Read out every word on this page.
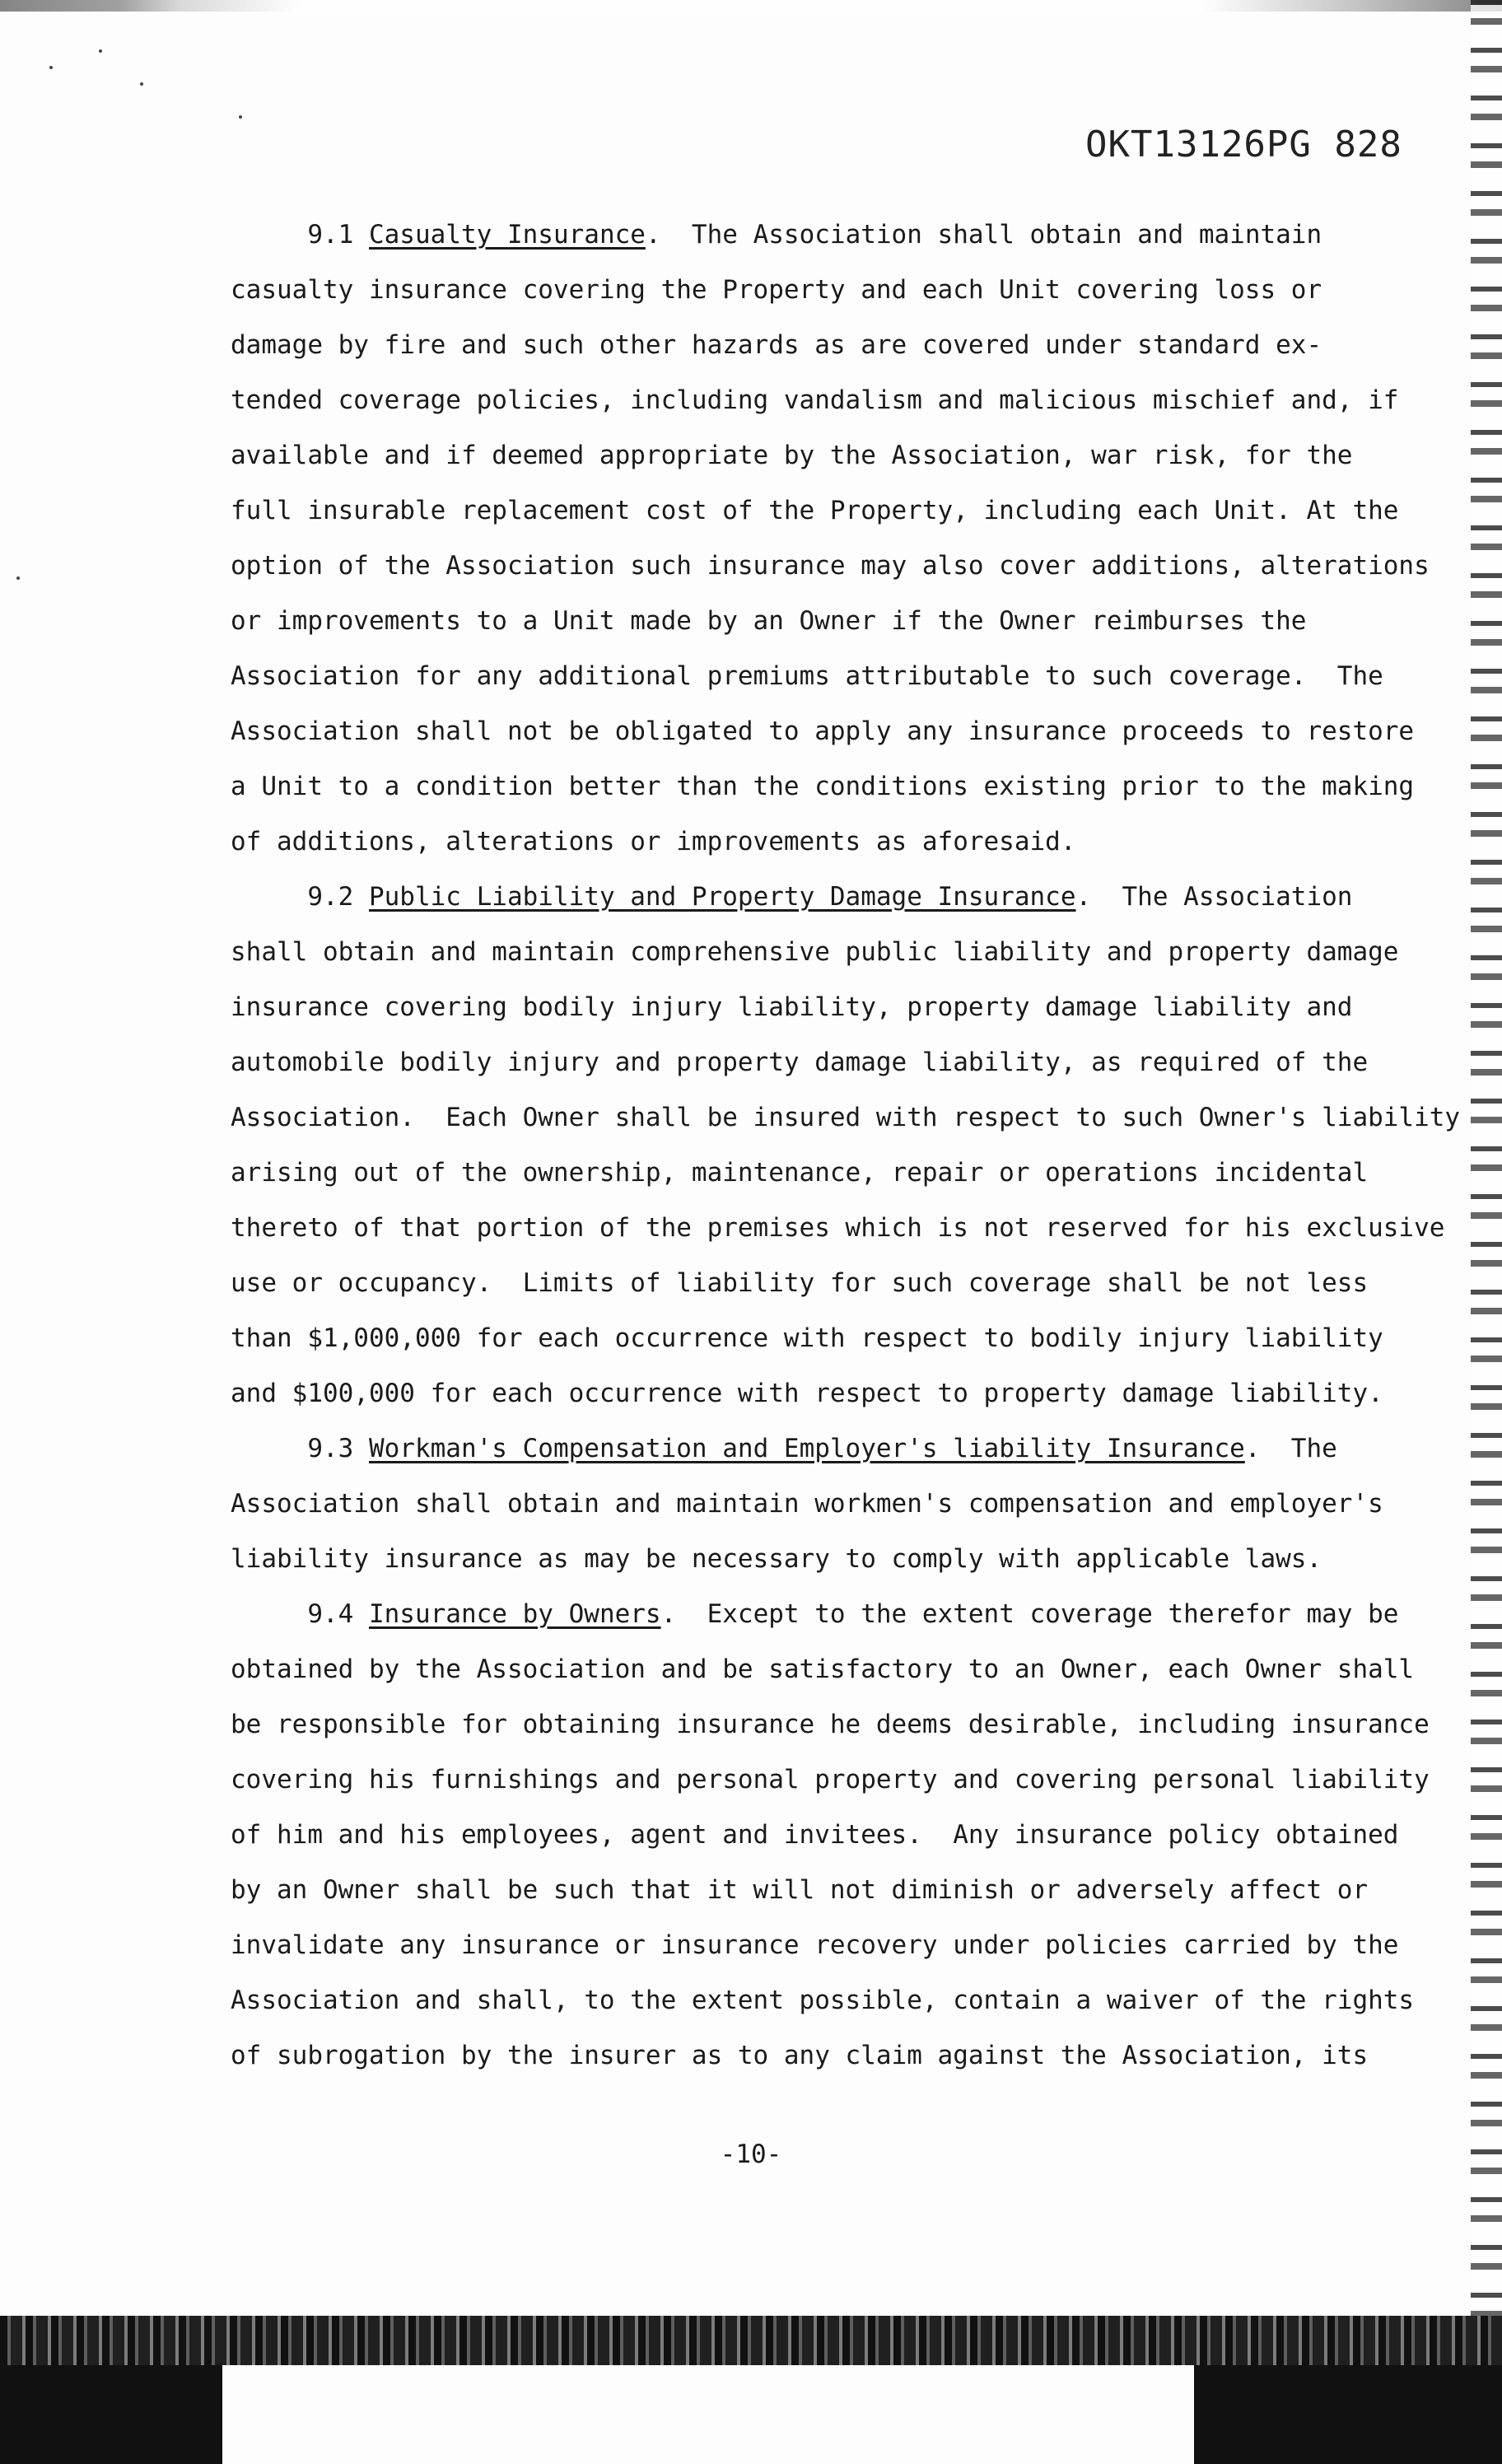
OKT13126PG 828
9.1 Casualty Insurance.  The Association shall obtain and maintain
casualty insurance covering the Property and each Unit covering loss or
damage by fire and such other hazards as are covered under standard ex-
tended coverage policies, including vandalism and malicious mischief and, if
available and if deemed appropriate by the Association, war risk, for the
full insurable replacement cost of the Property, including each Unit. At the
option of the Association such insurance may also cover additions, alterations
or improvements to a Unit made by an Owner if the Owner reimburses the
Association for any additional premiums attributable to such coverage.  The
Association shall not be obligated to apply any insurance proceeds to restore
a Unit to a condition better than the conditions existing prior to the making
of additions, alterations or improvements as aforesaid.
9.2 Public Liability and Property Damage Insurance.  The Association
shall obtain and maintain comprehensive public liability and property damage
insurance covering bodily injury liability, property damage liability and
automobile bodily injury and property damage liability, as required of the
Association.  Each Owner shall be insured with respect to such Owner's liability
arising out of the ownership, maintenance, repair or operations incidental
thereto of that portion of the premises which is not reserved for his exclusive
use or occupancy.  Limits of liability for such coverage shall be not less
than $1,000,000 for each occurrence with respect to bodily injury liability
and $100,000 for each occurrence with respect to property damage liability.
9.3 Workman's Compensation and Employer's liability Insurance.  The
Association shall obtain and maintain workmen's compensation and employer's
liability insurance as may be necessary to comply with applicable laws.
9.4 Insurance by Owners.  Except to the extent coverage therefor may be
obtained by the Association and be satisfactory to an Owner, each Owner shall
be responsible for obtaining insurance he deems desirable, including insurance
covering his furnishings and personal property and covering personal liability
of him and his employees, agent and invitees.  Any insurance policy obtained
by an Owner shall be such that it will not diminish or adversely affect or
invalidate any insurance or insurance recovery under policies carried by the
Association and shall, to the extent possible, contain a waiver of the rights
of subrogation by the insurer as to any claim against the Association, its
-10-
